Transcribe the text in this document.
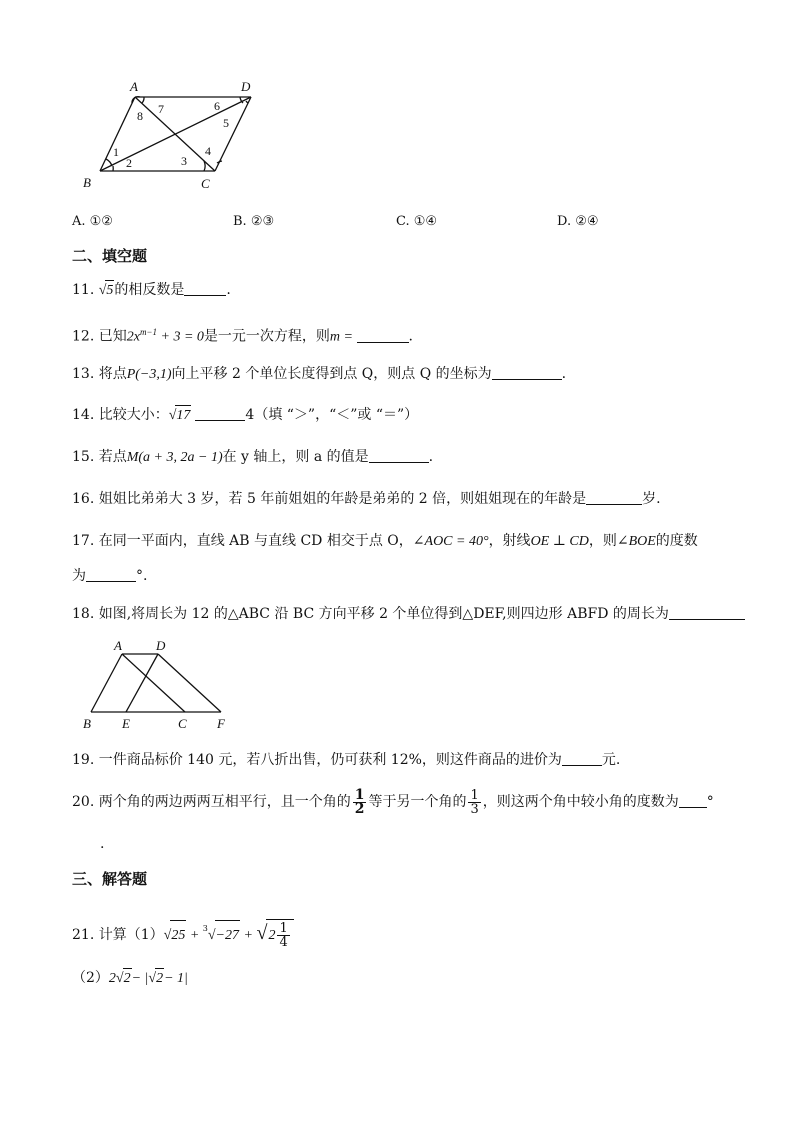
A	D
B	C
7
8
6
5
1
2	3
4
A. ①②	B. ②③	C. ①④	D. ②④
二、填空题
11. √5的相反数是	.
12. 已知$2x^{m-1} + 3 = 0$是一元一次方程，则m =	.
13. 将点P(−3,1)向上平移 2 个单位长度得到点 Q，则点 Q 的坐标为	.
14. 比较大小：√17	4（填 “＞”，“＜”或 “＝”）
15. 若点M(a + 3, 2a − 1)在 y 轴上，则 a 的值是	.
16. 姐姐比弟弟大 3 岁，若 5 年前姐姐的年龄是弟弟的 2 倍，则姐姐现在的年龄是	岁.
17. 在同一平面内，直线 AB 与直线 CD 相交于点 O，∠AOC = 40°，射线OE ⊥ CD，则∠BOE的度数
为	°.
18. 如图,将周长为 12 的△ABC 沿 BC 方向平移 2 个单位得到△DEF,则四边形 ABFD 的周长为
A	D
B E	C F
19. 一件商品标价 140 元，若八折出售，仍可获利 12%，则这件商品的进价为	元.
20. 两个角的两边两两互相平行，且一个角的 $\frac{1}{2}$ 等于另一个角的 $\frac{1}{3}$ ，则这两个角中较小角的度数为 °
.
三、解答题
21. 计算$(1)√25 + ^3√-27 + √2 \frac{1}{4}$
（2）2√2− |√2− 1|
